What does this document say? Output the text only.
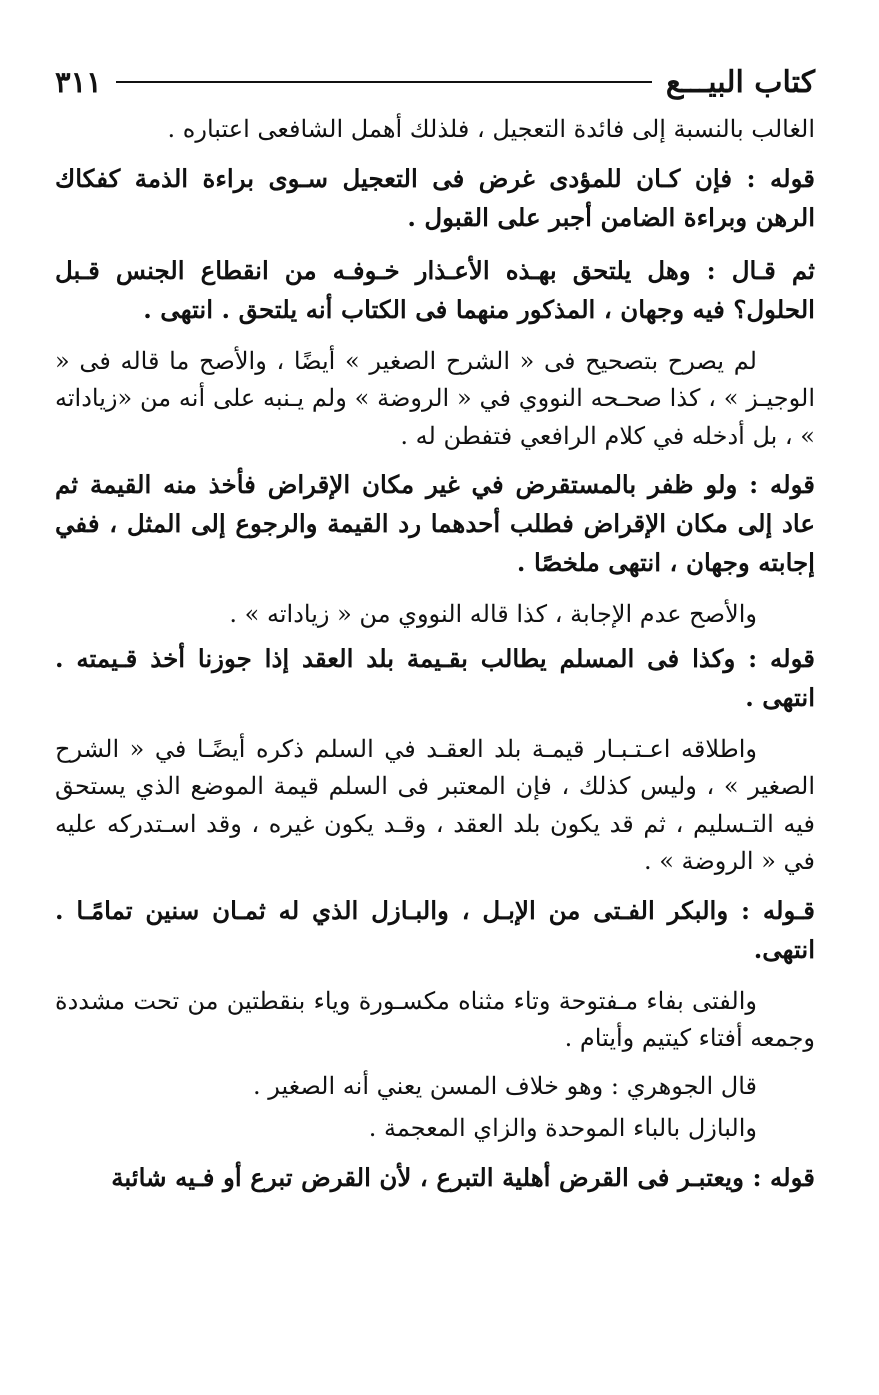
كتاب البيـــع
٣١١

الغالب بالنسبة إلى فائدة التعجيل ، فلذلك أهمل الشافعى اعتباره .

قوله : فإن كـان للمؤدى غرض فى التعجيل سـوى براءة الذمة كفكاك الرهن وبراءة الضامن أجبر على القبول .

ثم قـال : وهل يلتحق بهـذه الأعـذار خـوفـه من انقطاع الجنس قـبل الحلول؟ فيه وجهان ، المذكور منهما فى الكتاب أنه يلتحق . انتهى .

لم يصرح بتصحيح فى « الشرح الصغير » أيضًا ، والأصح ما قاله فى « الوجيـز » ، كذا صحـحه النووي في « الروضة » ولم يـنبه على أنه من «زياداته » ، بل أدخله في كلام الرافعي فتفطن له .

قوله : ولو ظفر بالمستقرض في غير مكان الإقراض فأخذ منه القيمة ثم عاد إلى مكان الإقراض فطلب أحدهما رد القيمة والرجوع إلى المثل ، ففي إجابته وجهان ، انتهى ملخصًا .

والأصح عدم الإجابة ، كذا قاله النووي من « زياداته » .

قوله : وكذا فى المسلم يطالب بقـيمة بلد العقد إذا جوزنا أخذ قـيمته . انتهى .

واطلاقه اعـتـبـار قيمـة بلد العقـد في السلم ذكره أيضًـا في « الشرح الصغير » ، وليس كذلك ، فإن المعتبر فى السلم قيمة الموضع الذي يستحق فيه التـسليم ، ثم قد يكون بلد العقد ، وقـد يكون غيره ، وقد اسـتدركه عليه في « الروضة » .

قـوله : والبكر الفـتى من الإبـل ، والبـازل الذي له ثمـان سنين تمامًـا . انتهى.

والفتى بفاء مـفتوحة وتاء مثناه مكسـورة وياء بنقطتين من تحت مشددة وجمعه أفتاء كيتيم وأيتام .

قال الجوهري : وهو خلاف المسن يعني أنه الصغير .

والبازل بالباء الموحدة والزاي المعجمة .

قوله : ويعتبـر فى القرض أهلية التبرع ، لأن القرض تبرع أو فـيه شائبة
